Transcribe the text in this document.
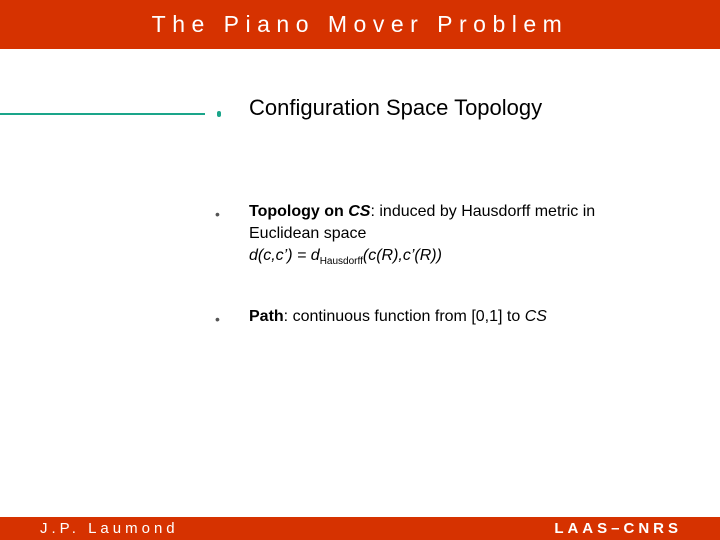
The Piano Mover Problem
Configuration Space Topology
• Topology on CS: induced by Hausdorff metric in Euclidean space
d(c,c’) = $d_{Hausdorff}(c(R),c’(R))$
• Path: continuous function from [0,1] to CS
J.P. Laumond	LAAS–CNRS
